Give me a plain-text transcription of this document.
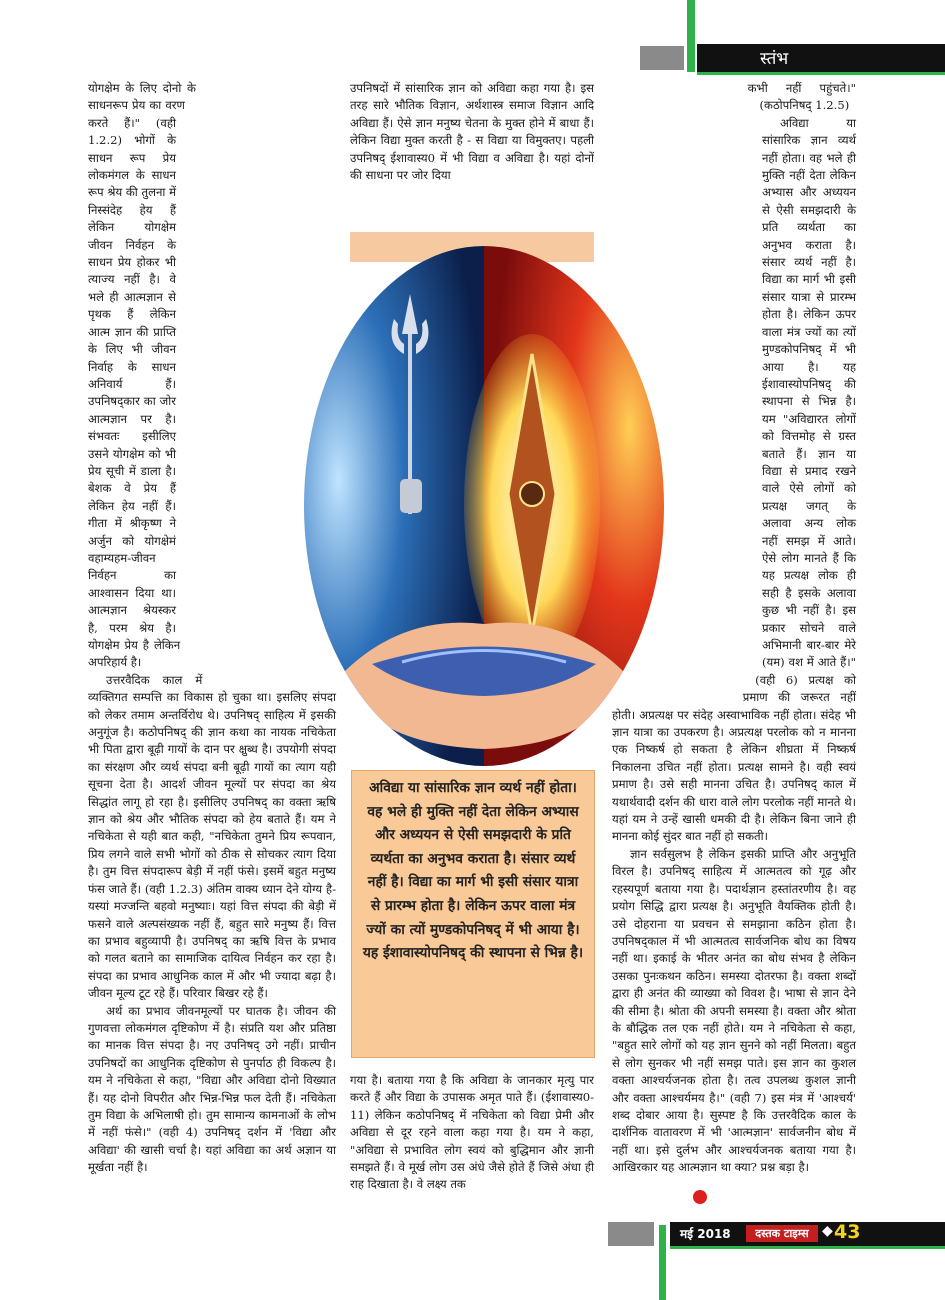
स्तंभ

योगक्षेम के लिए दोनो के साधनरूप प्रेय का वरण करते हैं।" (वही 1.2.2) भोगों के साधन रूप प्रेय लोकमंगल के साधन रूप श्रेय की तुलना में निस्संदेह हेय हैं लेकिन योगक्षेम जीवन निर्वहन के साधन प्रेय होकर भी त्याज्य नहीं है। वे भले ही आत्मज्ञान से पृथक हैं लेकिन आत्म ज्ञान की प्राप्ति के लिए भी जीवन निर्वाह के साधन अनिवार्य हैं। उपनिषद्कार का जोर आत्मज्ञान पर है। संभवतः इसीलिए उसने योगक्षेम को भी प्रेय सूची में डाला है। बेशक वे प्रेय हैं लेकिन हेय नहीं हैं। गीता में श्रीकृष्ण ने अर्जुन को योगक्षेमं वहाम्यहम-जीवन निर्वहन का आश्वासन दिया था। आत्मज्ञान श्रेयस्कर है, परम श्रेय है। योगक्षेम प्रेय है लेकिन अपरिहार्य है।

उत्तरवैदिक काल में व्यक्तिगत सम्पत्ति का विकास हो चुका था। इसलिए संपदा को लेकर तमाम अन्तर्विरोध थे। उपनिषद् साहित्य में इसकी अनुगूंज है। कठोपनिषद् की ज्ञान कथा का नायक नचिकेता भी पिता द्वारा बूढ़ी गायों के दान पर क्षुब्ध है। उपयोगी संपदा का संरक्षण और व्यर्थ संपदा बनी बूढ़ी गायों का त्याग यही सूचना देता है। आदर्श जीवन मूल्यों पर संपदा का श्रेय सिद्धांत लागू हो रहा है। इसीलिए उपनिषद् का वक्ता ऋषि ज्ञान को श्रेय और भौतिक संपदा को हेय बताते हैं। यम ने नचिकेता से यही बात कही, "नचिकेता तुमने प्रिय रूपवान, प्रिय लगने वाले सभी भोगों को ठीक से सोचकर त्याग दिया है। तुम वित्त संपदारूप बेड़ी में नहीं फंसे। इसमें बहुत मनुष्य फंस जाते हैं। (वही 1.2.3) अंतिम वाक्य ध्यान देने योग्य है- यस्यां मज्जन्ति बहवो मनुष्याः। यहां वित्त संपदा की बेड़ी में फसने वाले अल्पसंख्यक नहीं हैं, बहुत सारे मनुष्य हैं। वित्त का प्रभाव बहुव्यापी है। उपनिषद् का ऋषि वित्त के प्रभाव को गलत बताने का सामाजिक दायित्व निर्वहन कर रहा है। संपदा का प्रभाव आधुनिक काल में और भी ज्यादा बढ़ा है। जीवन मूल्य टूट रहे हैं। परिवार बिखर रहे हैं।

अर्थ का प्रभाव जीवनमूल्यों पर घातक है। जीवन की गुणवत्ता लोकमंगल दृष्टिकोण में है। संप्रति यश और प्रतिष्ठा का मानक वित्त संपदा है। नए उपनिषद् उगे नहीं। प्राचीन उपनिषदों का आधुनिक दृष्टिकोण से पुनर्पाठ ही विकल्प है। यम ने नचिकेता से कहा, "विद्या और अविद्या दोनो विख्यात हैं। यह दोनो विपरीत और भिन्न-भिन्न फल देती हैं। नचिकेता तुम विद्या के अभिलाषी हो। तुम सामान्य कामनाओं के लोभ में नहीं फंसे।" (वही 4) उपनिषद् दर्शन में 'विद्या और अविद्या' की खासी चर्चा है। यहां अविद्या का अर्थ अज्ञान या मूर्खता नहीं है।

उपनिषदों में सांसारिक ज्ञान को अविद्या कहा गया है। इस तरह सारे भौतिक विज्ञान, अर्थशास्त्र समाज विज्ञान आदि अविद्या हैं। ऐसे ज्ञान मनुष्य चेतना के मुक्त होने में बाधा हैं। लेकिन विद्या मुक्त करती है - स विद्या या विमुक्तए। पहली उपनिषद् ईशावास्य0 में भी विद्या व अविद्या है। यहां दोनों की साधना पर जोर दिया

कभी नहीं पहुंचते।" (कठोपनिषद् 1.2.5)

अविद्या या सांसारिक ज्ञान व्यर्थ नहीं होता। वह भले ही मुक्ति नहीं देता लेकिन अभ्यास और अध्ययन से ऐसी समझदारी के प्रति व्यर्थता का अनुभव कराता है। संसार व्यर्थ नहीं है। विद्या का मार्ग भी इसी संसार यात्रा से प्रारम्भ होता है। लेकिन ऊपर वाला मंत्र ज्यों का त्यों मुण्डकोपनिषद् में भी आया है। यह ईशावास्योपनिषद् की स्थापना से भिन्न है। यम "अविद्यारत लोगों को वित्तमोह से ग्रस्त बताते हैं। ज्ञान या विद्या से प्रमाद रखने वाले ऐसे लोगों को प्रत्यक्ष जगत् के अलावा अन्य लोक नहीं समझ में आते। ऐसे लोग मानते हैं कि यह प्रत्यक्ष लोक ही सही है इसके अलावा कुछ भी नहीं है। इस प्रकार सोचने वाले अभिमानी बार-बार मेरे (यम) वश में आते हैं।" (वही 6) प्रत्यक्ष को प्रमाण की जरूरत नहीं होती। अप्रत्यक्ष पर संदेह अस्वाभाविक नहीं होता। संदेह भी ज्ञान यात्रा का उपकरण है। अप्रत्यक्ष परलोक को न मानना एक निष्कर्ष हो सकता है लेकिन शीघ्रता में निष्कर्ष निकालना उचित नहीं होता। प्रत्यक्ष सामने है। वही स्वयं प्रमाण है। उसे सही मानना उचित है। उपनिषद् काल में यथार्थवादी दर्शन की धारा वाले लोग परलोक नहीं मानते थे। यहां यम ने उन्हें खासी धमकी दी है। लेकिन बिना जाने ही मानना कोई सुंदर बात नहीं हो सकती।

ज्ञान सर्वसुलभ है लेकिन इसकी प्राप्ति और अनुभूति विरल है। उपनिषद् साहित्य में आत्मतत्व को गूढ़ और रहस्यपूर्ण बताया गया है। पदार्थज्ञान हस्तांतरणीय है। वह प्रयोग सिद्धि द्वारा प्रत्यक्ष है। अनुभूति वैयक्तिक होती है। उसे दोहराना या प्रवचन से समझाना कठिन होता है। उपनिषद्काल में भी आत्मतत्व सार्वजनिक बोध का विषय नहीं था। इकाई के भीतर अनंत का बोध संभव है लेकिन उसका पुनःकथन कठिन। समस्या दोतरफा है। वक्ता शब्दों द्वारा ही अनंत की व्याख्या को विवश है। भाषा से ज्ञान देने की सीमा है। श्रोता की अपनी समस्या है। वक्ता और श्रोता के बौद्धिक तल एक नहीं होते। यम ने नचिकेता से कहा, "बहुत सारे लोगों को यह ज्ञान सुनने को नहीं मिलता। बहुत से लोग सुनकर भी नहीं समझ पाते। इस ज्ञान का कुशल वक्ता आश्चर्यजनक होता है। तत्व उपलब्ध कुशल ज्ञानी और वक्ता आश्चर्यमय है।" (वही 7) इस मंत्र में 'आश्चर्य' शब्द दोबार आया है। सुस्पष्ट है कि उत्तरवैदिक काल के दार्शनिक वातावरण में भी 'आत्मज्ञान' सार्वजनीन बोध में नहीं था। इसे दुर्लभ और आश्चर्यजनक बताया गया है। आखिरकार यह आत्मज्ञान था क्या? प्रश्न बड़ा है।

अविद्या या सांसारिक ज्ञान व्यर्थ नहीं होता। वह भले ही मुक्ति नहीं देता लेकिन अभ्यास और अध्ययन से ऐसी समझदारी के प्रति व्यर्थता का अनुभव कराता है। संसार व्यर्थ नहीं है। विद्या का मार्ग भी इसी संसार यात्रा से प्रारम्भ होता है। लेकिन ऊपर वाला मंत्र ज्यों का त्यों मुण्डकोपनिषद् में भी आया है। यह ईशावास्योपनिषद् की स्थापना से भिन्न है।

गया है। बताया गया है कि अविद्या के जानकार मृत्यु पार करते हैं और विद्या के उपासक अमृत पाते हैं। (ईशावास्य0-11) लेकिन कठोपनिषद् में नचिकेता को विद्या प्रेमी और अविद्या से दूर रहने वाला कहा गया है। यम ने कहा, "अविद्या से प्रभावित लोग स्वयं को बुद्धिमान और ज्ञानी समझते हैं। वे मूर्ख लोग उस अंधे जैसे होते हैं जिसे अंधा ही राह दिखाता है। वे लक्ष्य तक

मई 2018	दस्तक टाइम्स ◆ 43
